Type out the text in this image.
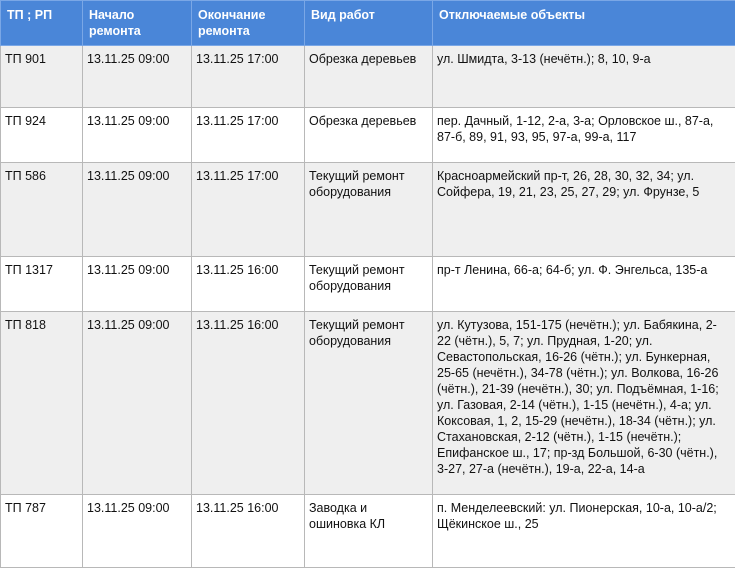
ТП ; РП	Начало ремонта	Окончание ремонта	Вид работ	Отключаемые объекты
ТП 901	13.11.25 09:00	13.11.25 17:00	Обрезка деревьев	ул. Шмидта, 3-13 (нечётн.); 8, 10, 9-а
ТП 924	13.11.25 09:00	13.11.25 17:00	Обрезка деревьев	пер. Дачный, 1-12, 2-а, 3-а; Орловское ш., 87-а, 87-б, 89, 91, 93, 95, 97-а, 99-а, 117
ТП 586	13.11.25 09:00	13.11.25 17:00	Текущий ремонт оборудования	Красноармейский пр-т, 26, 28, 30, 32, 34; ул. Сойфера, 19, 21, 23, 25, 27, 29; ул. Фрунзе, 5
ТП 1317	13.11.25 09:00	13.11.25 16:00	Текущий ремонт оборудования	пр-т Ленина, 66-а; 64-б; ул. Ф. Энгельса, 135-а
ТП 818	13.11.25 09:00	13.11.25 16:00	Текущий ремонт оборудования	ул. Кутузова, 151-175 (нечётн.); ул. Бабякина, 2-22 (чётн.), 5, 7; ул. Прудная, 1-20; ул. Севастопольская, 16-26 (чётн.); ул. Бункерная, 25-65 (нечётн.), 34-78 (чётн.); ул. Волкова, 16-26 (чётн.), 21-39 (нечётн.), 30; ул. Подъёмная, 1-16; ул. Газовая, 2-14 (чётн.), 1-15 (нечётн.), 4-а; ул. Коксовая, 1, 2, 15-29 (нечётн.), 18-34 (чётн.); ул. Стахановская, 2-12 (чётн.), 1-15 (нечётн.); Епифанское ш., 17; пр-зд Большой, 6-30 (чётн.), 3-27, 27-а (нечётн.), 19-а, 22-а, 14-а
ТП 787	13.11.25 09:00	13.11.25 16:00	Заводка и ошиновка КЛ	п. Менделеевский: ул. Пионерская, 10-а, 10-а/2; Щёкинское ш., 25
